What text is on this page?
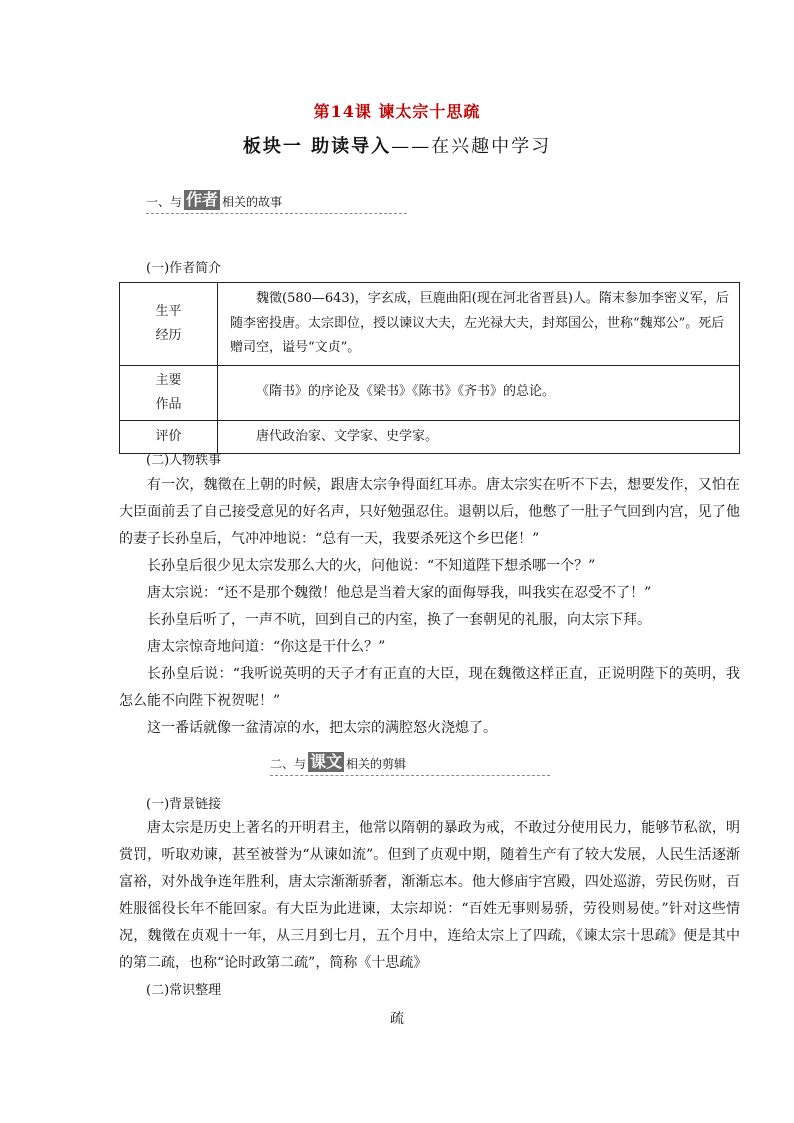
第14课 谏太宗十思疏
板块一 助读导入——在兴趣中学习
一、与 作者 相关的故事
(一)作者简介
生平
经历	魏徵(580—643)，字玄成，巨鹿曲阳(现在河北省晋县)人。隋末参加李密义军，后随李密投唐。太宗即位，授以谏议大夫，左光禄大夫，封郑国公，世称“魏郑公”。死后赠司空，谥号“文贞”。

主要
作品	《隋书》的序论及《梁书》《陈书》《齐书》的总论。

评价	唐代政治家、文学家、史学家。
(二)人物轶事

有一次，魏徵在上朝的时候，跟唐太宗争得面红耳赤。唐太宗实在听不下去，想要发作，又怕在大臣面前丢了自己接受意见的好名声，只好勉强忍住。退朝以后，他憋了一肚子气回到内宫，见了他的妻子长孙皇后，气冲冲地说：“总有一天，我要杀死这个乡巴佬！”

长孙皇后很少见太宗发那么大的火，问他说：“不知道陛下想杀哪一个？”

唐太宗说：“还不是那个魏徵！他总是当着大家的面侮辱我，叫我实在忍受不了！”

长孙皇后听了，一声不吭，回到自己的内室，换了一套朝见的礼服，向太宗下拜。

唐太宗惊奇地问道：“你这是干什么？”

长孙皇后说：“我听说英明的天子才有正直的大臣，现在魏徵这样正直，正说明陛下的英明，我怎么能不向陛下祝贺呢！”

这一番话就像一盆清凉的水，把太宗的满腔怒火浇熄了。

二、与 课文 相关的剪辑
(一)背景链接

唐太宗是历史上著名的开明君主，他常以隋朝的暴政为戒，不敢过分使用民力，能够节私欲，明赏罚，听取劝谏，甚至被誉为“从谏如流”。但到了贞观中期，随着生产有了较大发展，人民生活逐渐富裕，对外战争连年胜利，唐太宗渐渐骄奢，渐渐忘本。他大修庙宇宫殿，四处巡游，劳民伤财，百姓服徭役长年不能回家。有大臣为此进谏，太宗却说：“百姓无事则易骄，劳役则易使。”针对这些情况，魏徵在贞观十一年，从三月到七月，五个月中，连给太宗上了四疏，《谏太宗十思疏》便是其中的第二疏，也称“论时政第二疏”，简称《十思疏》

(二)常识整理
疏
